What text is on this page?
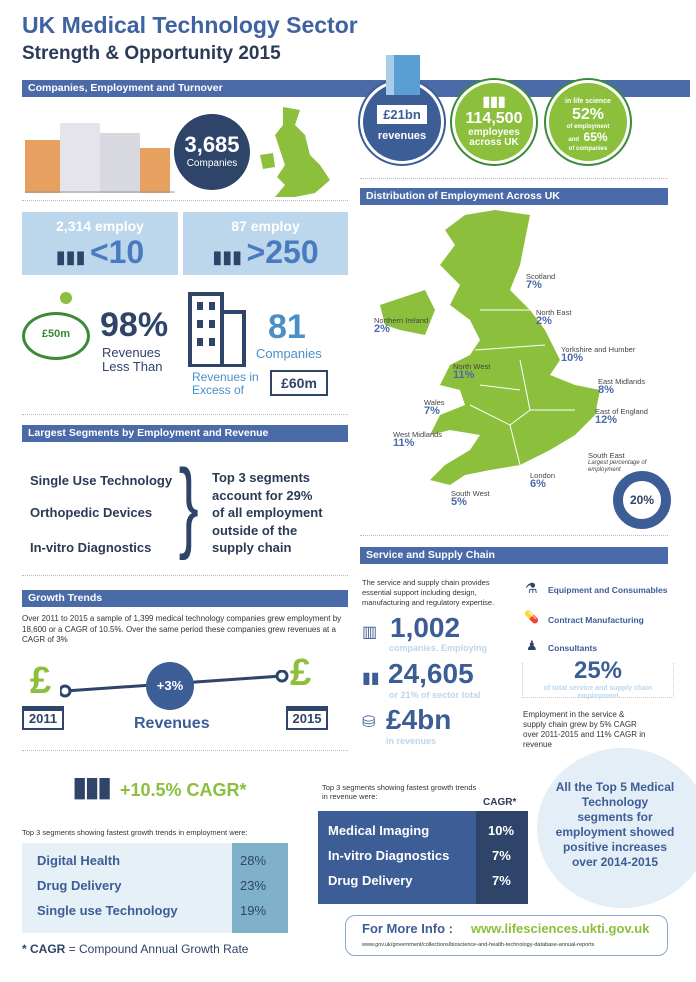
UK Medical Technology Sector
Strength & Opportunity 2015
Companies, Employment and Turnover
£21bn
revenues
▮▮▮
114,500
employees
across UK
in life science
52%
of employment
and 65%
of companies
3,685
Companies
2,314 employ
▮▮▮ <10
87 employ
▮▮▮ >250
£50m 98%
Revenues
Less Than
81
Companies
Revenues in
Excess of	£60m
Largest Segments by Employment and Revenue
Single Use Technology
Orthopedic Devices
In-vitro Diagnostics } Top 3 segments
account for 29%
of all employment
outside of the
supply chain
Growth Trends
Over 2011 to 2015 a sample of 1,399 medical technology companies grew employment by 18,600 or a CAGR of 10.5%. Over the same period these companies grew revenues at a CAGR of 3%
£
2011
+3%
Revenues
£
2015
▮▮▮ +10.5% CAGR*
Top 3 segments showing fastest growth trends in employment were:
Digital Health	28%
Drug Delivery	23%
Single use Technology	19%
* CAGR = Compound Annual Growth Rate
Distribution of Employment Across UK
Scotland
7%
Northern Ireland
2%
North East
2%
Yorkshire and Humber
10%
North West
11%
East Midlands
8%
Wales
7%	East of England
12%
West Midlands
11%
South East
Largest percentage of employment
London
6%
South West
5%	20%
Service and Supply Chain
The service and supply chain provides essential support including design, manufacturing and regulatory expertise.
▥ 1,002
companies. Employing
▮▮ 24,605
or 21% of sector total
⛁ £4bn
in revenues
⚗ Equipment and Consumables
💊 Contract Manufacturing
♟ Consultants
25%
of total service and supply chain employment
Employment in the service & supply chain grew by 5% CAGR over 2011-2015 and 11% CAGR in revenue
Top 3 segments showing fastest growth trends in revenue were:
CAGR*
Medical Imaging	10%
In-vitro Diagnostics	7%
Drug Delivery	7%
All the Top 5 Medical Technology segments for employment showed positive increases over 2014-2015
For More Info : www.lifesciences.ukti.gov.uk
www.gov.uk/government/collections/bioscience-and-health-technology-database-annual-reports
